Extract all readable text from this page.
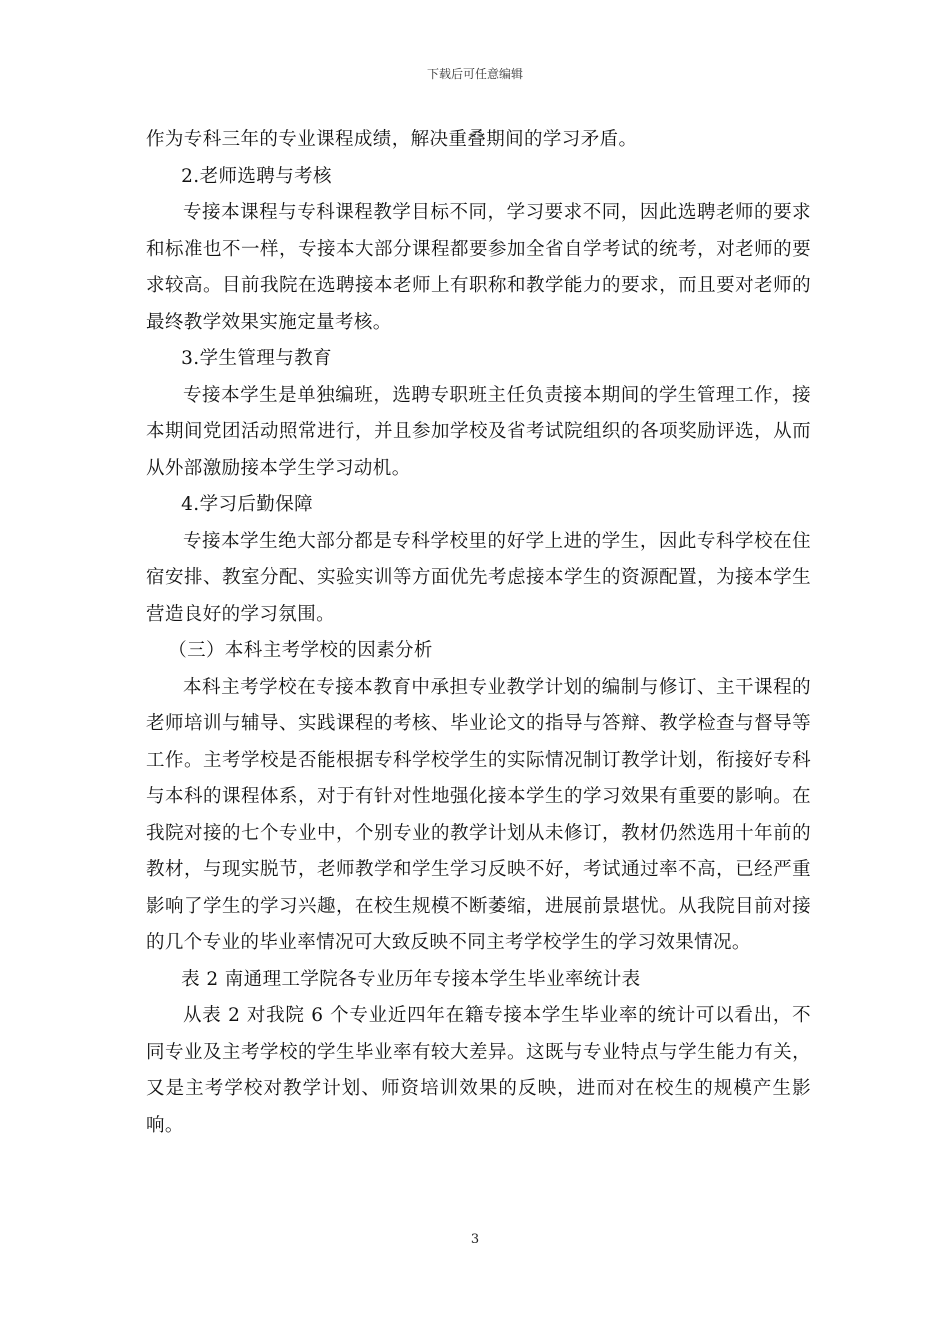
下载后可任意编辑

作为专科三年的专业课程成绩，解决重叠期间的学习矛盾。

2.老师选聘与考核

专接本课程与专科课程教学目标不同，学习要求不同，因此选聘老师的要求和标准也不一样，专接本大部分课程都要参加全省自学考试的统考，对老师的要求较高。目前我院在选聘接本老师上有职称和教学能力的要求，而且要对老师的最终教学效果实施定量考核。

3.学生管理与教育

专接本学生是单独编班，选聘专职班主任负责接本期间的学生管理工作，接本期间党团活动照常进行，并且参加学校及省考试院组织的各项奖励评选，从而从外部激励接本学生学习动机。

4.学习后勤保障

专接本学生绝大部分都是专科学校里的好学上进的学生，因此专科学校在住宿安排、教室分配、实验实训等方面优先考虑接本学生的资源配置，为接本学生营造良好的学习氛围。

（三）本科主考学校的因素分析

本科主考学校在专接本教育中承担专业教学计划的编制与修订、主干课程的老师培训与辅导、实践课程的考核、毕业论文的指导与答辩、教学检查与督导等工作。主考学校是否能根据专科学校学生的实际情况制订教学计划，衔接好专科与本科的课程体系，对于有针对性地强化接本学生的学习效果有重要的影响。在我院对接的七个专业中，个别专业的教学计划从未修订，教材仍然选用十年前的教材，与现实脱节，老师教学和学生学习反映不好，考试通过率不高，已经严重影响了学生的学习兴趣，在校生规模不断萎缩，进展前景堪忧。从我院目前对接的几个专业的毕业率情况可大致反映不同主考学校学生的学习效果情况。

表 2 南通理工学院各专业历年专接本学生毕业率统计表

从表 2 对我院 6 个专业近四年在籍专接本学生毕业率的统计可以看出，不同专业及主考学校的学生毕业率有较大差异。这既与专业特点与学生能力有关，又是主考学校对教学计划、师资培训效果的反映，进而对在校生的规模产生影响。

3
